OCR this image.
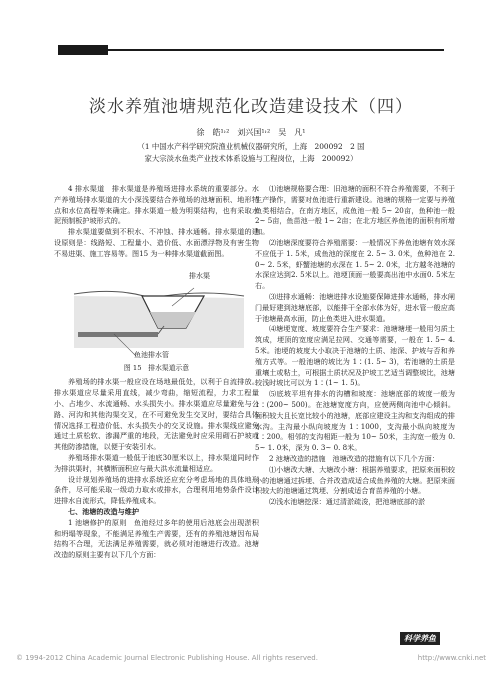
淡水养殖池塘规范化改造建设技术（四）
徐　皓¹˒²　刘兴国¹˒²　吴　凡¹
（1 中国水产科学研究院渔业机械仪器研究所，上海　200092　2 国
家大宗淡水鱼类产业技术体系设施与工程岗位，上海　200092）

4 排水渠道　排水渠道是养殖场进排水系统的重要部分。水产养殖场排水渠道的大小深浅要结合养殖场的池塘面积、地形特点和水位高程等来确定。排水渠道一般为明渠结构，也有采取水泥预制板护坡形式的。

排水渠道要做到不积水、不冲蚀、排水通畅。排水渠道的建设原则是：线路短、工程量小、造价低、水面漂浮物及有害生物不易进渠、施工容易等。图15 为一种排水渠道截面图。

排水渠
鱼池排水管
图 15　排水渠道示意

养殖场的排水渠一般应设在场地最低处，以利于自流排放。排水渠道应尽量采用直线，减少弯曲，缩短流程，力求工程量小、占地少、水流通畅、水头损失小。排水渠道应尽量避免与公路、河沟和其他沟渠交叉，在不可避免发生交叉时，要结合具体情况选择工程造价低、水头损失小的交叉设施。排水渠线应避免通过土质松软、渗漏严重的地段，无法避免时应采用砌石护坡或其他防渗措施，以便于安装引水。

养殖场排水渠道一般低于池底30厘米以上，排水渠道同时作为排洪渠时，其横断面积应与最大洪水流量相适应。

设计规划养殖场的进排水系统还应充分考虑场地的具体地形条件，尽可能采取一级动力取水或排水，合理利用地势条件设计进排水自流形式，降低养殖成本。

七、池塘的改造与维护

1 池塘修护的原则　鱼池经过多年的使用后池底会出现淤积和坍塌等现象，不能满足养殖生产需要，还有的养殖池塘因布局结构不合理，无法满足养殖需要，就必须对池塘进行改造。池塘改造的原则主要有以下几个方面：

⑴池塘规格要合理：旧池塘的面积不符合养殖需要，不利于生产操作，需要对鱼池进行重新建设。池塘的规格一定要与养殖鱼类相结合，在南方地区，成鱼池一般 5~ 20亩，鱼种池一般 2~ 5亩，鱼苗池一般 1~ 2亩；在北方地区养鱼池的面积有所增加。

⑵池塘深度要符合养殖需要：一般情况下养鱼池塘有效水深不应低于 1. 5米，成鱼池的深度在 2. 5~ 3. 0米，鱼种池在 2. 0~ 2. 5米，虾蟹池塘的水深在 1. 5~ 2. 0米，北方越冬池塘的水深应达到2. 5米以上。池埂顶面一般要高出池中水面0. 5米左右。

⑶进排水通畅：池塘进排水设施要保障进排水通畅，排水闸门最好建到池塘底部，以能排干全部水体为好，进水管一般应高于池塘最高水面，防止鱼类进入进水渠道。

⑷塘埂宽度、坡度要符合生产要求：池塘塘埂一般用匀质土筑成，埂顶的宽度应满足拉网、交通等需要，一般在 1. 5~ 4. 5米。池埂的坡度大小取决于池塘的土质、池深、护坡与否和养殖方式等。一般池塘的坡比为 1∶(1. 5~ 3)，若池塘的土质是重壤土或粘土，可根据土质状况及护坡工艺适当调整坡比，池塘较浅时坡比可以为 1∶(1~ 1. 5)。

⑸底坡平坦有排水的沟槽和坡度：池塘底部的坡度一般为 1∶(200~ 500)。在池塘宽度方向，应使两侧向池中心倾斜。面积较大且长宽比较小的池塘，底部应建设主沟和支沟组成的排水沟。主沟最小纵向坡度为 1∶1000，支沟最小纵向坡度为 1∶200。相邻的支沟相距一般为 10~ 50米，主沟宽一般为 0. 5~ 1. 0米，深为 0. 3~ 0. 8米。

2 池塘改造的措施　池塘改造的措施有以下几个方面：

⑴小塘改大塘、大塘改小塘：根据养殖要求，把原来面积较小的池塘通过拆埂、合并改造成适合成鱼养殖的大塘。把原来面积较大的池塘通过筑埂、分割成适合育苗养殖的小塘。

⑵浅水池塘挖深：通过清淤疏浚，把池塘底部的淤

科学养鱼
© 1994-2012 China Academic Journal Electronic Publishing House. All rights reserved.	http://www.cnki.net
